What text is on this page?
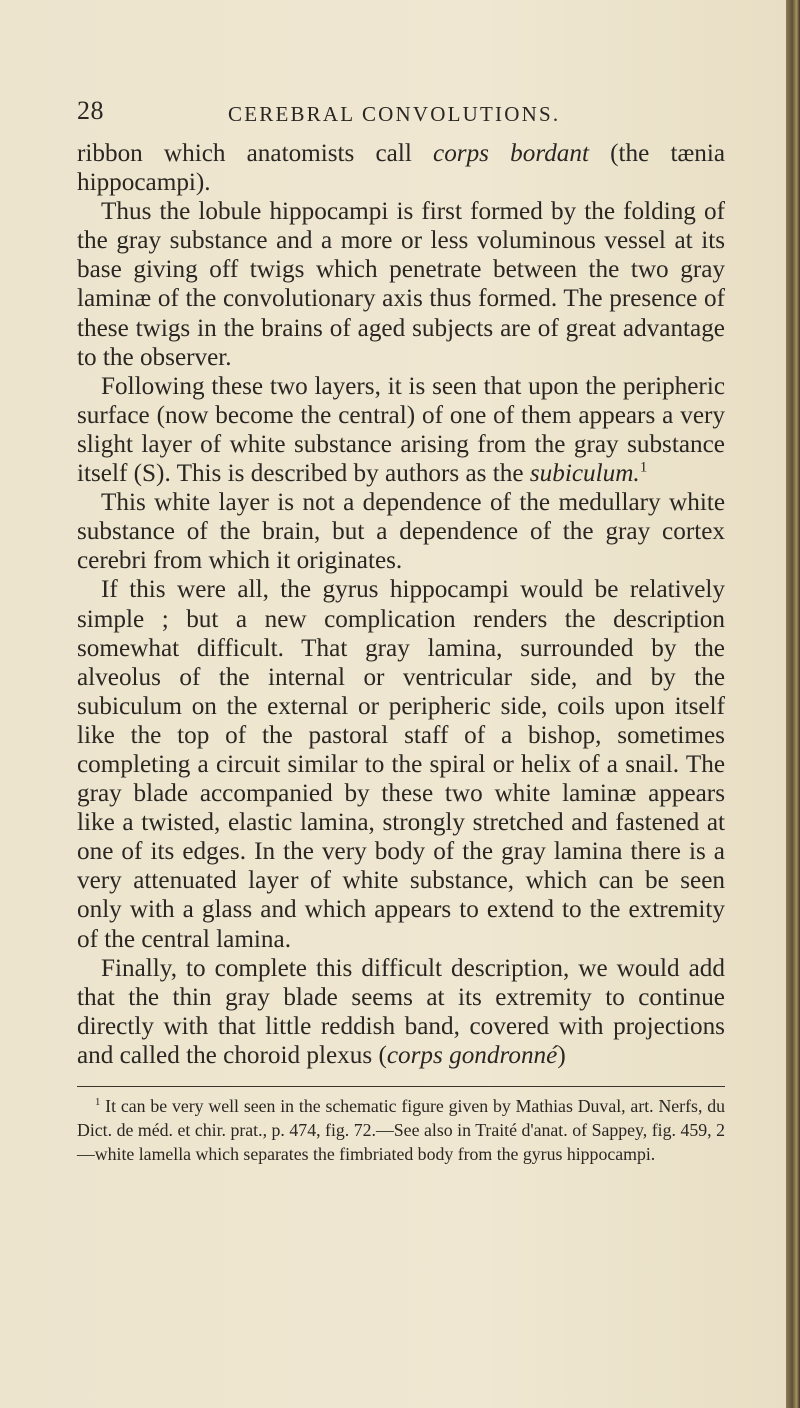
28	CEREBRAL CONVOLUTIONS.

ribbon which anatomists call corps bordant (the tænia hippocampi).

Thus the lobule hippocampi is first formed by the folding of the gray substance and a more or less voluminous vessel at its base giving off twigs which penetrate between the two gray laminæ of the convolutionary axis thus formed. The presence of these twigs in the brains of aged subjects are of great advantage to the observer.

Following these two layers, it is seen that upon the peripheric surface (now become the central) of one of them appears a very slight layer of white substance arising from the gray substance itself (S). This is described by authors as the subiculum.$^1$

This white layer is not a dependence of the medullary white substance of the brain, but a dependence of the gray cortex cerebri from which it originates.

If this were all, the gyrus hippocampi would be relatively simple ; but a new complication renders the description somewhat difficult. That gray lamina, surrounded by the alveolus of the internal or ventricular side, and by the subiculum on the external or peripheric side, coils upon itself like the top of the pastoral staff of a bishop, sometimes completing a circuit similar to the spiral or helix of a snail. The gray blade accompanied by these two white laminæ appears like a twisted, elastic lamina, strongly stretched and fastened at one of its edges. In the very body of the gray lamina there is a very attenuated layer of white substance, which can be seen only with a glass and which appears to extend to the extremity of the central lamina.

Finally, to complete this difficult description, we would add that the thin gray blade seems at its extremity to continue directly with that little reddish band, covered with projections and called the choroid plexus (corps gondronné)

$^1$ It can be very well seen in the schematic figure given by Mathias Duval, art. Nerfs, du Dict. de méd. et chir. prat., p. 474, fig. 72.—See also in Traité d'anat. of Sappey, fig. 459, 2—white lamella which separates the fimbriated body from the gyrus hippocampi.
